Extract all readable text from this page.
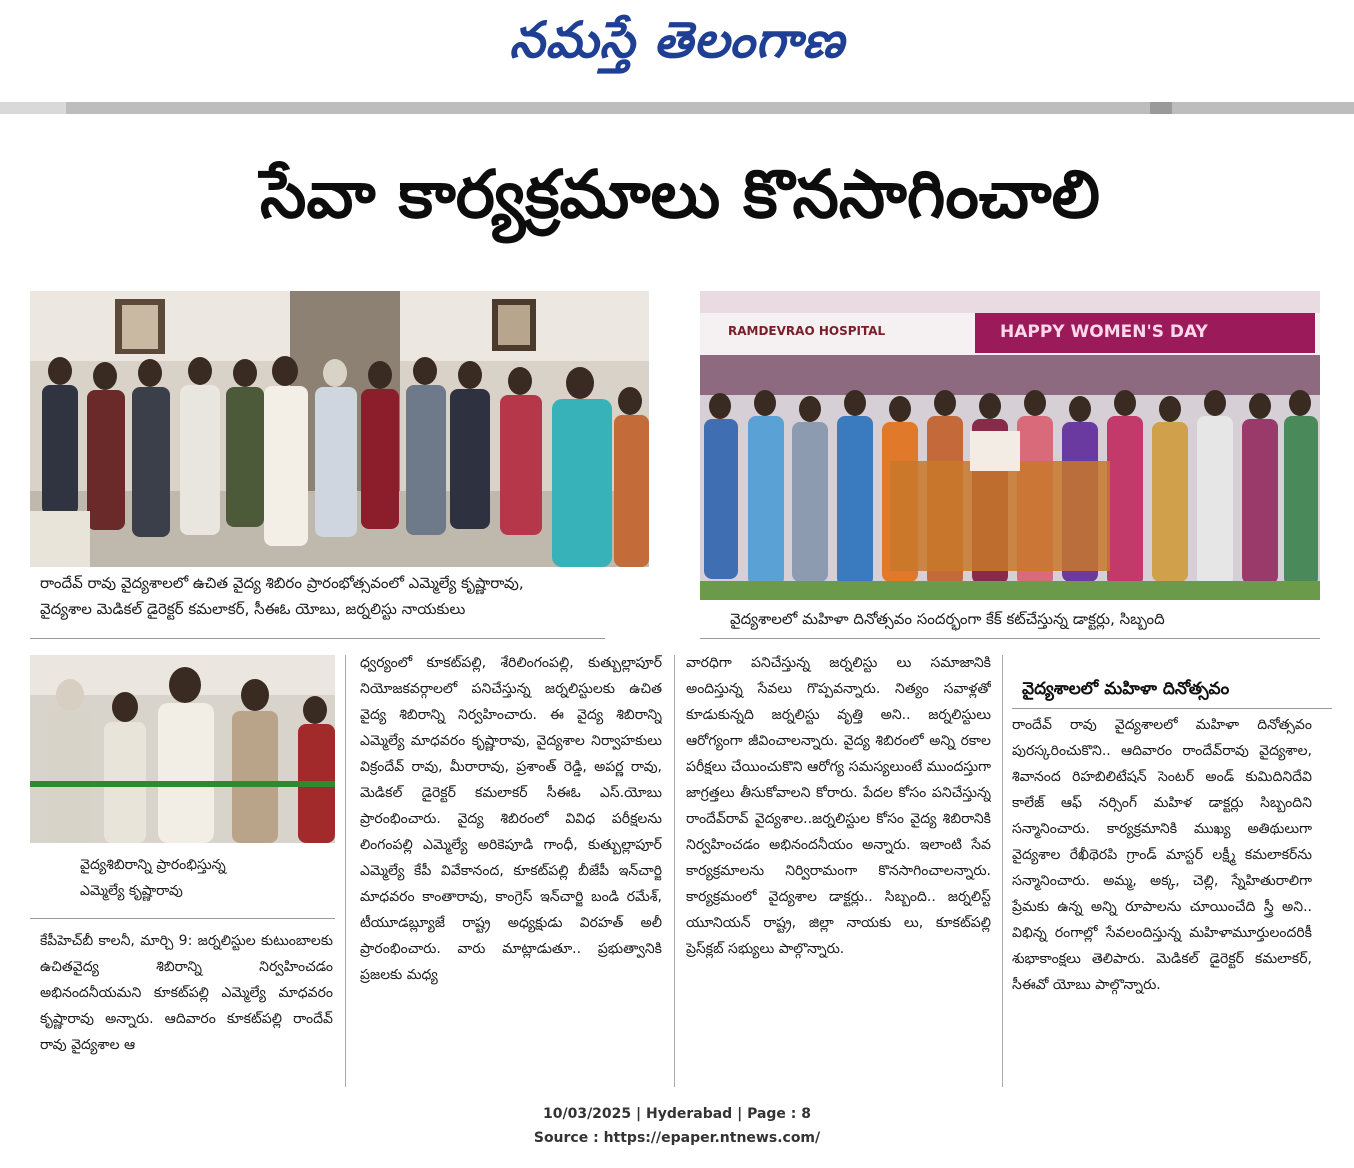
నమస్తే తెలంగాణ
సేవా కార్యక్రమాలు కొనసాగించాలి
రాందేవ్ రావు వైద్యశాలలో ఉచిత వైద్య శిబిరం ప్రారంభోత్సవంలో ఎమ్మెల్యే కృష్ణారావు,
వైద్యశాల మెడికల్ డైరెక్టర్ కమలాకర్, సీఈఓ యోబు, జర్నలిస్టు నాయకులు
RAMDEVRAO HOSPITAL	HAPPY WOMEN'S DAY
వైద్యశాలలో మహిళా దినోత్సవం సందర్భంగా కేక్ కట్‌చేస్తున్న డాక్టర్లు, సిబ్బంది
వైద్యశిబిరాన్ని ప్రారంభిస్తున్న
ఎమ్మెల్యే కృష్ణారావు

కేపీహెచ్‌బీ కాలనీ, మార్చి 9: జర్నలిస్టుల కుటుంబాలకు ఉచితవైద్య శిబిరాన్ని నిర్వహించడం అభినందనీయమని కూకట్‌పల్లి ఎమ్మెల్యే మాధవరం కృష్ణారావు అన్నారు. ఆదివారం కూకట్‌పల్లి రాందేవ్ రావు వైద్యశాల ఆ

ధ్వర్యంలో కూకట్‌పల్లి, శేరిలింగంపల్లి, కుత్బుల్లాపూర్ నియోజకవర్గాలలో పనిచేస్తున్న జర్నలిస్టులకు ఉచిత వైద్య శిబిరాన్ని నిర్వహించారు. ఈ వైద్య శిబిరాన్ని ఎమ్మెల్యే మాధవరం కృష్ణారావు, వైద్యశాల నిర్వాహకులు విక్రందేవ్ రావు, మీరారావు, ప్రశాంత్ రెడ్డి, అపర్ణ రావు, మెడికల్ డైరెక్టర్ కమలాకర్ సీఈఓ ఎస్.యోబు ప్రారంభించారు. వైద్య శిబిరంలో వివిధ పరీక్షలను లింగంపల్లి ఎమ్మెల్యే అరికెపూడి గాంధీ, కుత్బుల్లాపూర్ ఎమ్మెల్యే కేపీ వివేకానంద, కూకట్‌పల్లి బీజేపీ ఇన్‌చార్జి మాధవరం కాంతారావు, కాంగ్రెస్ ఇన్‌చార్జి బండి రమేశ్, టీయూడబ్ల్యూజే రాష్ట్ర అధ్యక్షుడు విరహత్ అలీ ప్రారంభించారు. వారు మాట్లాడుతూ.. ప్రభుత్వానికి ప్రజలకు మధ్య

వారధిగా పనిచేస్తున్న జర్నలిస్టు లు సమాజానికి అందిస్తున్న సేవలు గొప్పవన్నారు. నిత్యం సవాళ్లతో కూడుకున్నది జర్నలిస్టు వృత్తి అని.. జర్నలిస్టులు ఆరోగ్యంగా జీవించాలన్నారు. వైద్య శిబిరంలో అన్ని రకాల పరీక్షలు చేయించుకొని ఆరోగ్య సమస్యలుంటే ముందస్తుగా జాగ్రత్తలు తీసుకోవాలని కోరారు. పేదల కోసం పనిచేస్తున్న రాందేవ్‌రావ్ వైద్యశాల..జర్నలిస్టుల కోసం వైద్య శిబిరానికి నిర్వహించడం అభినందనీయం అన్నారు. ఇలాంటి సేవ కార్యక్రమాలను నిర్విరామంగా కొనసాగించాలన్నారు. కార్యక్రమంలో వైద్యశాల డాక్టర్లు.. సిబ్బంది.. జర్నలిస్ట్ యూనియన్ రాష్ట్ర, జిల్లా నాయకు లు, కూకట్‌పల్లి ప్రెస్‌క్లబ్ సభ్యులు పాల్గొన్నారు.

వైద్యశాలలో మహిళా దినోత్సవం

రాందేవ్ రావు వైద్యశాలలో మహిళా దినోత్సవం పురస్కరించుకొని.. ఆదివారం రాందేవ్‌రావు వైద్యశాల, శివానంద రిహబిలిటేషన్ సెంటర్ అండ్ కుమిదినిదేవి కాలేజ్ ఆఫ్ నర్సింగ్ మహిళ డాక్టర్లు సిబ్బందిని సన్మానించారు. కార్యక్రమానికి ముఖ్య అతిథులుగా వైద్యశాల రేఖీథెరపి గ్రాండ్ మాస్టర్ లక్ష్మీ కమలాకర్‌ను సన్మానించారు. అమ్మ, అక్క, చెల్లి, స్నేహితురాలిగా ప్రేమకు ఉన్న అన్ని రూపాలను చూయించేది స్త్రీ అని.. విభిన్న రంగాల్లో సేవలందిస్తున్న మహిళామూర్తులందరికీ శుభాకాంక్షలు తెలిపారు. మెడికల్ డైరెక్టర్ కమలాకర్, సీఈవో యోబు పాల్గొన్నారు.

10/03/2025 | Hyderabad | Page : 8
Source : https://epaper.ntnews.com/
